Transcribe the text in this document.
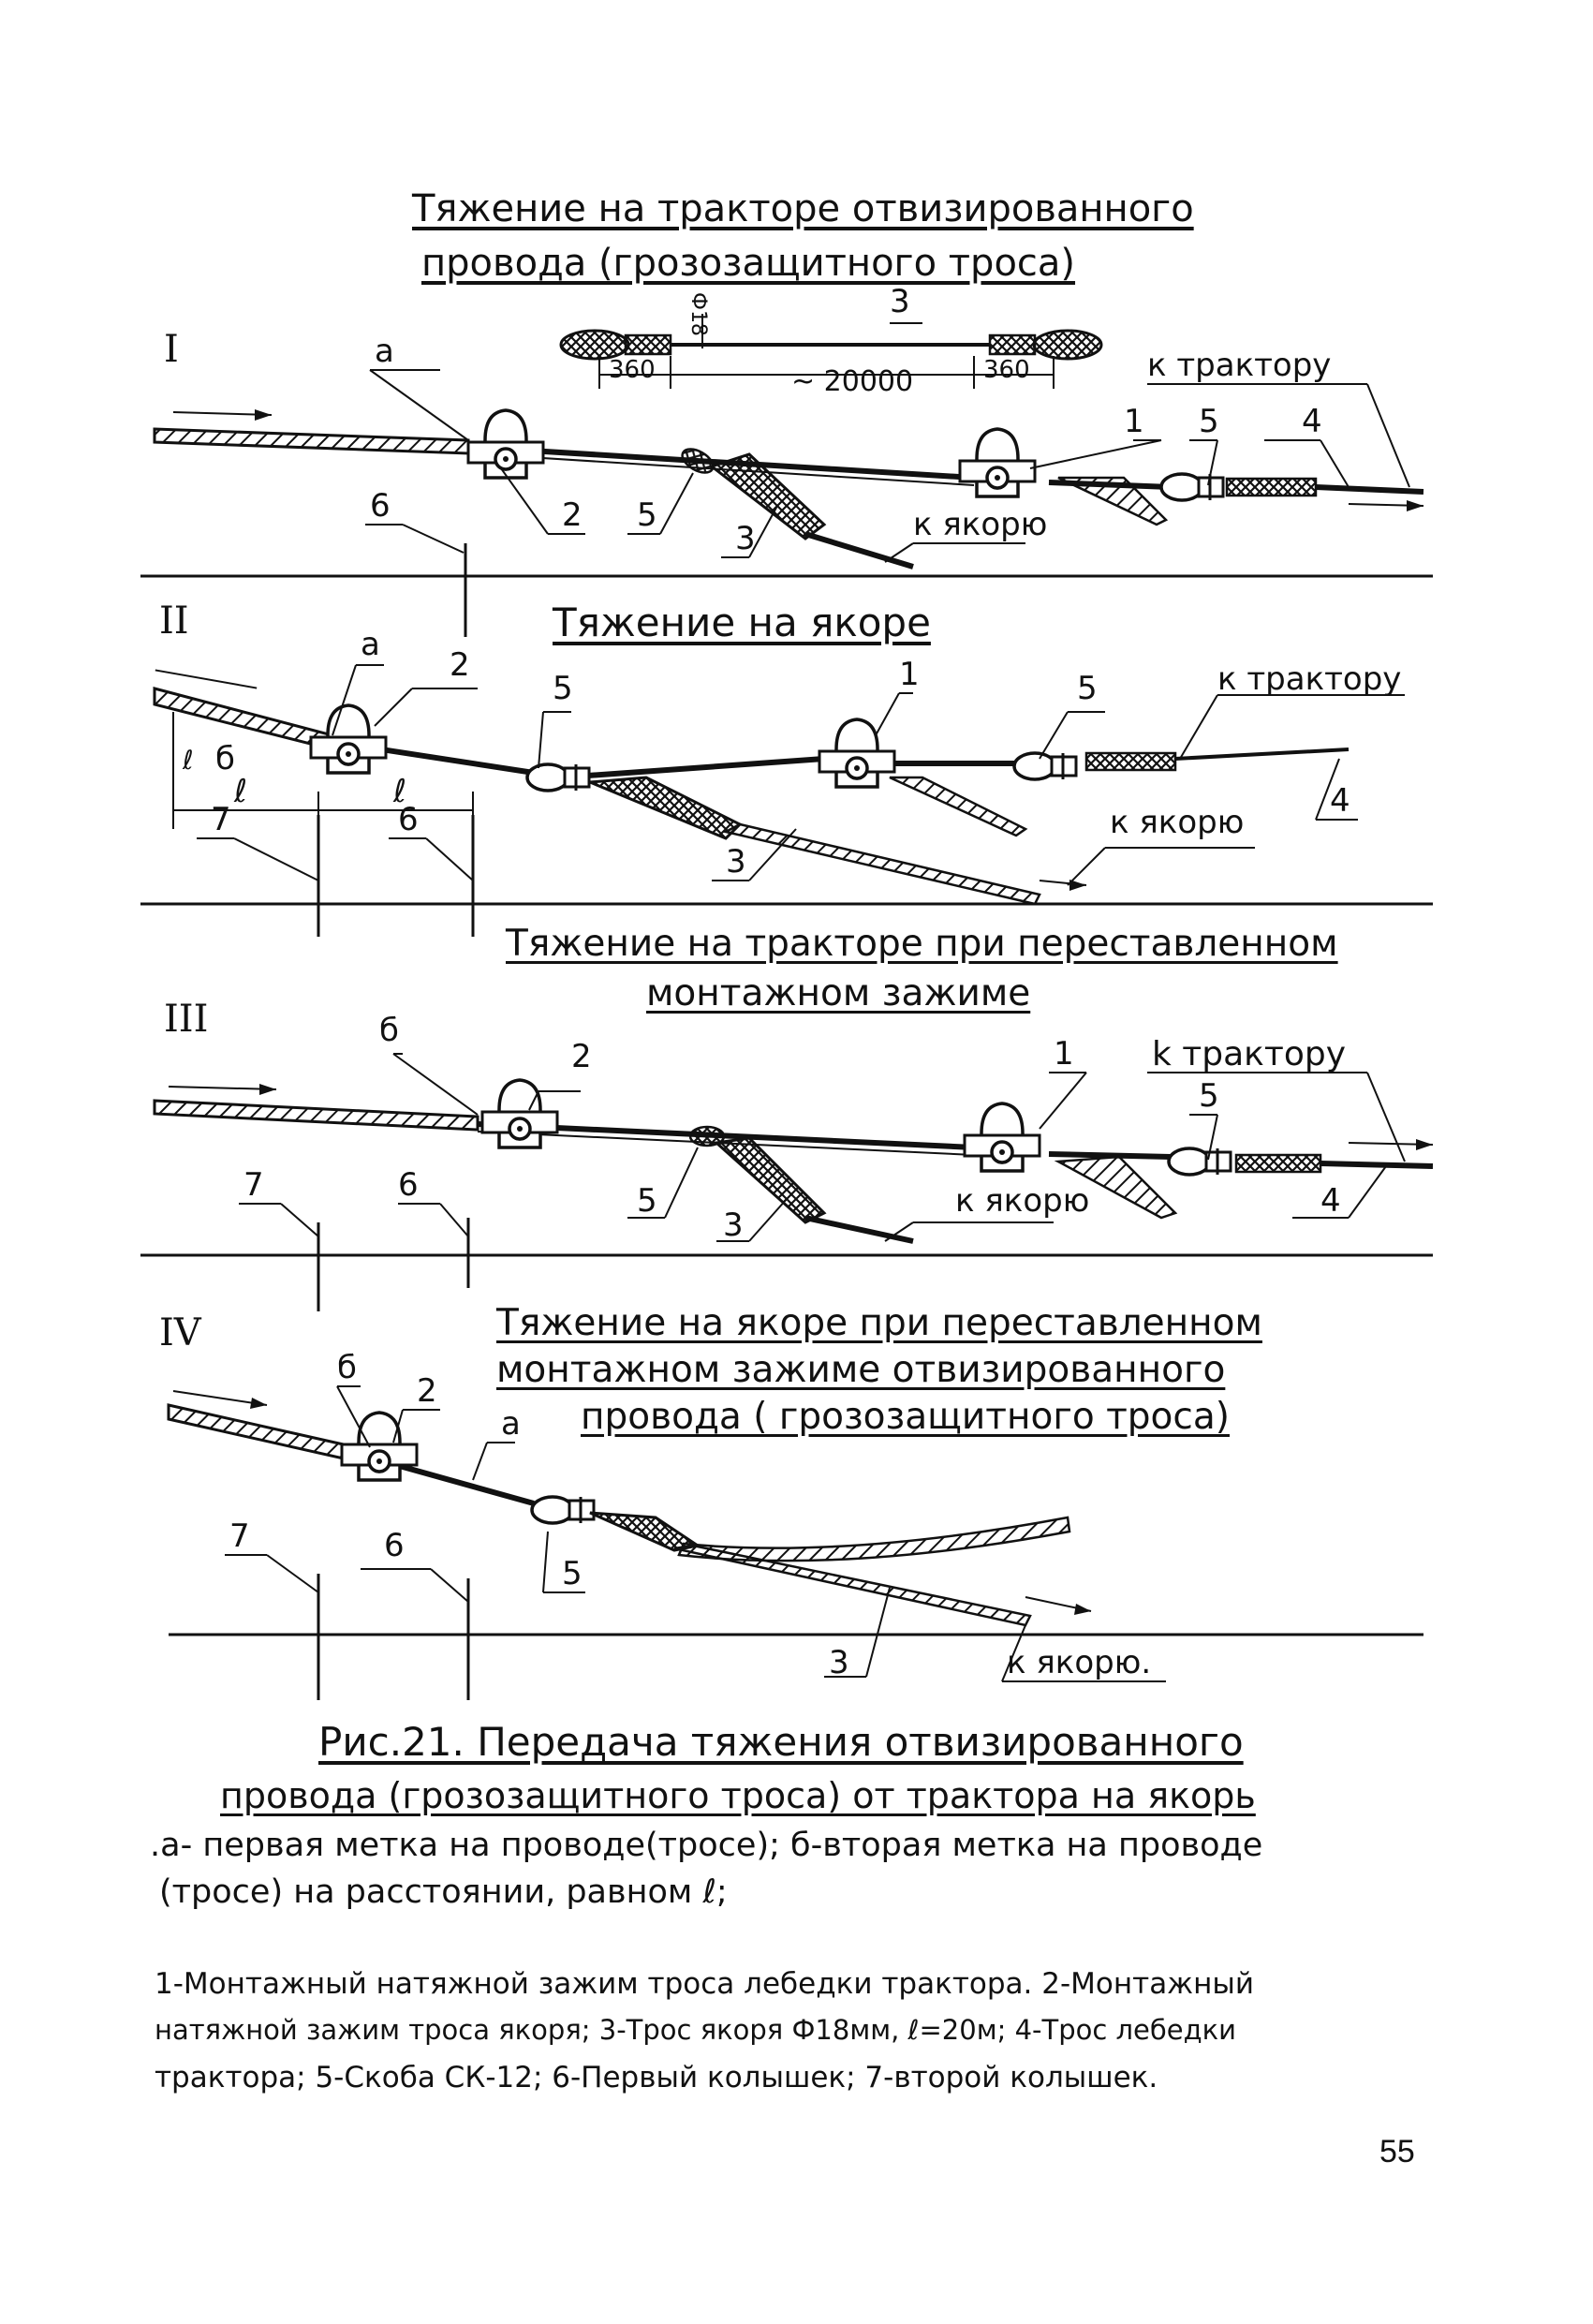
Тяжение на тракторе отвизированного
провода (грозозащитного троса)
I
3
Ф18
360	360
~ 20000	к трактору
к якорю
а
1
2
3
4
5
5
6
II	Тяжение на якоре
к трактору
к якорю
а
б
ℓ	ℓ
ℓ
1
2
3
4
5	5
6
7
Тяжение на тракторе при переставленном
монтажном зажиме
III
k трактору
к якорю
б
1
2
3
4
5
5
6
7
IV	Тяжение на якоре при переставленном
монтажном зажиме отвизированного
провода ( грозозащитного троса)
к якорю.
а
б
2
3
5
6
7
Рис.21. Передача тяжения отвизированного
провода (грозозащитного троса) от трактора на якорь
.а- первая метка на проводе(тросе); б-вторая метка на проводе
(тросе) на расстоянии, равном ℓ;
1-Монтажный натяжной зажим троса лебедки трактора. 2-Монтажный
натяжной зажим троса якоря; 3-Трос якоря Ф18мм, ℓ=20м; 4-Трос лебедки
трактора; 5-Скоба СК-12; 6-Первый колышек; 7-второй колышек.
55
